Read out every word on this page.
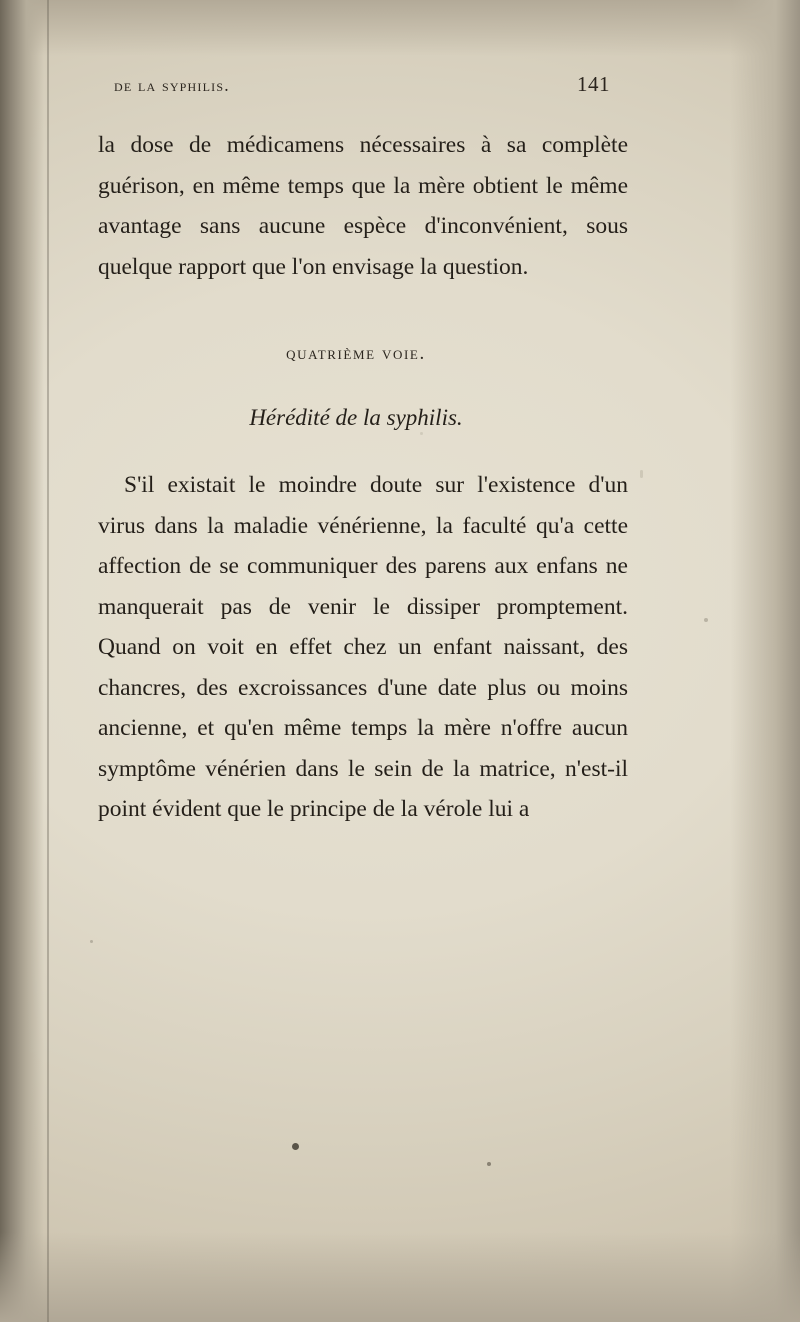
de la syphilis.	141

la dose de médicamens nécessaires à sa complète guérison, en même temps que la mère obtient le même avantage sans aucune espèce d'inconvénient, sous quelque rapport que l'on envisage la question.

quatrième voie.
Hérédité de la syphilis.

S'il existait le moindre doute sur l'existence d'un virus dans la maladie vénérienne, la faculté qu'a cette affection de se communiquer des parens aux enfans ne manquerait pas de venir le dissiper promptement. Quand on voit en effet chez un enfant naissant, des chancres, des excroissances d'une date plus ou moins ancienne, et qu'en même temps la mère n'offre aucun symptôme vénérien dans le sein de la matrice, n'est-il point évident que le principe de la vérole lui a
